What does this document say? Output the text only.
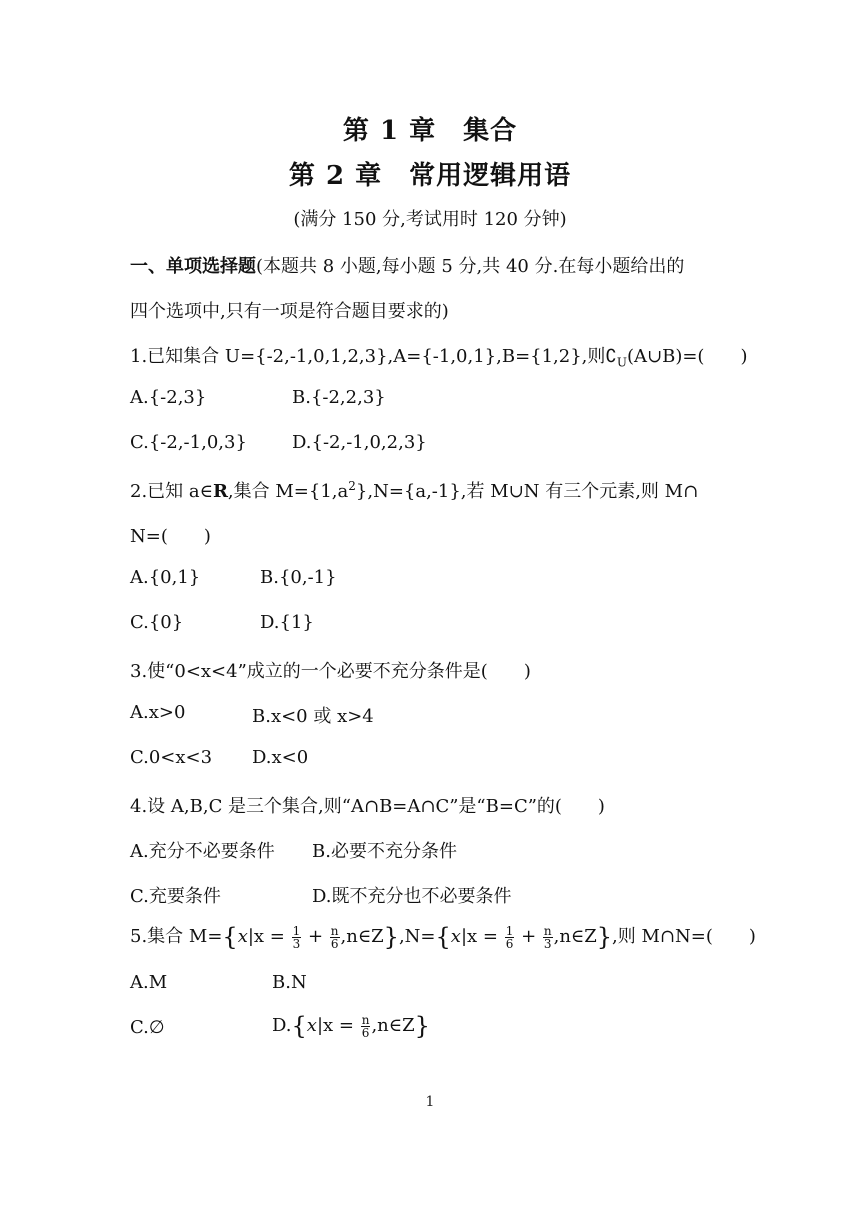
第 1 章　集合
第 2 章　常用逻辑用语
(满分 150 分,考试用时 120 分钟)
一、单项选择题(本题共 8 小题,每小题 5 分,共 40 分.在每小题给出的
四个选项中,只有一项是符合题目要求的)
1.已知集合 U={-2,-1,0,1,2,3},A={-1,0,1},B={1,2},则$∁_U(A\cup B)=$(　　)
A.{-2,3}	B.{-2,2,3}
C.{-2,-1,0,3}	D.{-2,-1,0,2,3}
2.已知 a∈R,集合 $M=\{1,a^2\},N=\{a,-1\}$,若 M∪N 有三个元素,则 M∩
N=(　　)
A.{0,1}	B.{0,-1}
C.{0}	D.{1}
3.使“0<x<4”成立的一个必要不充分条件是(　　)
A.x>0	B.x<0 或 x>4
C.0<x<3 D.x<0
4.设 A,B,C 是三个集合,则“A∩B=A∩C”是“B=C”的(　　)
A.充分不必要条件 B.必要不充分条件
C.充要条件	D.既不充分也不必要条件
5.集合 $M=\{x|x = \frac{1}{3} + \frac{n}{6}$ ,n∈Z},N={x|x = $\frac{1}{6} + \frac{n}{3}$ ,n∈Z},则 M∩N=(　　)
A.M	B.N
C.∅	$D.\{x|x = \frac{n}{6}$ ,n∈Z}
1
